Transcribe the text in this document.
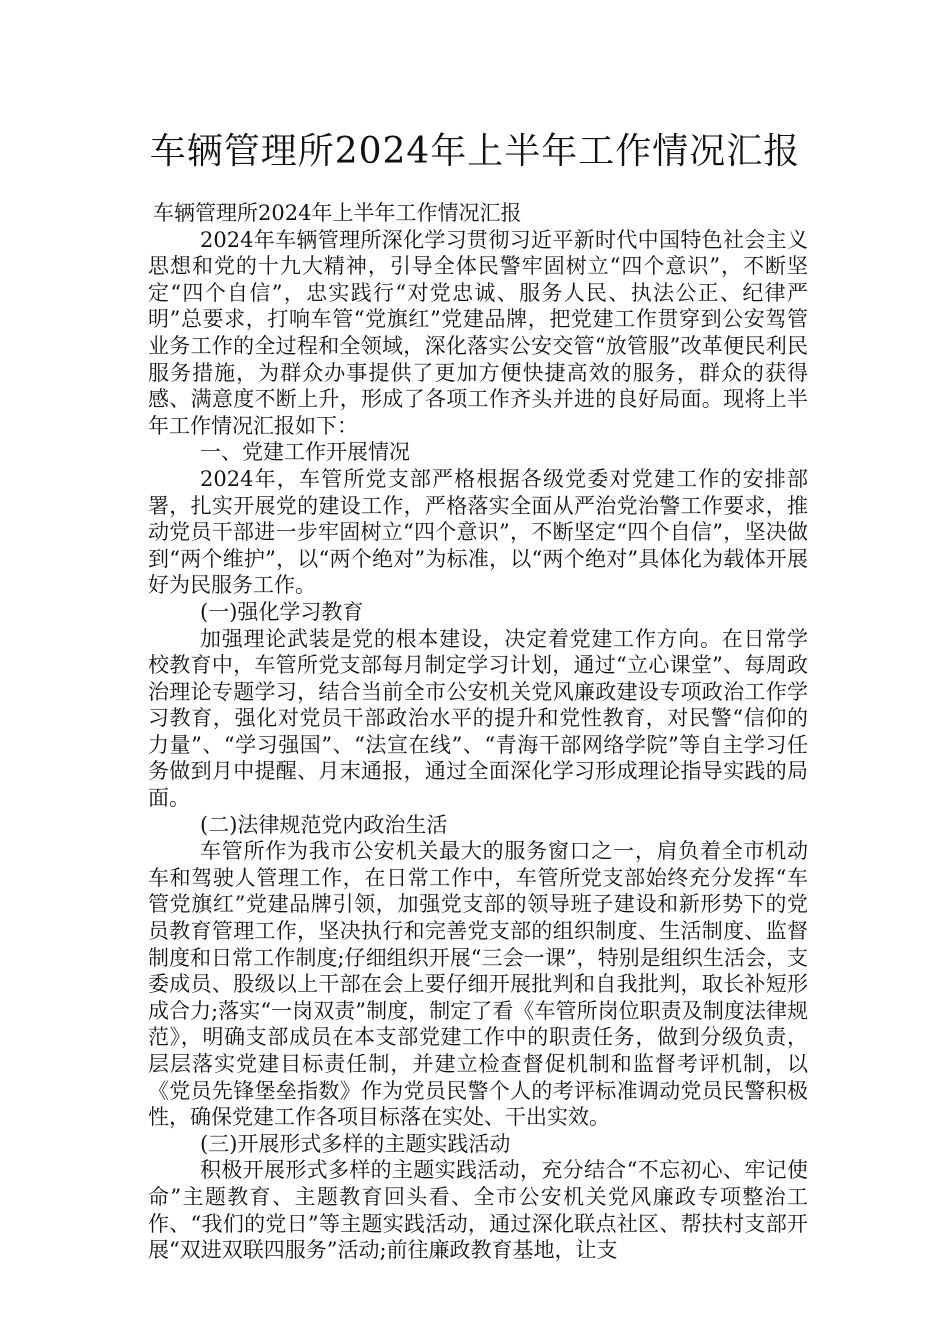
车辆管理所2024年上半年工作情况汇报

车辆管理所2024年上半年工作情况汇报

2024年车辆管理所深化学习贯彻习近平新时代中国特色社会主义思想和党的十九大精神，引导全体民警牢固树立“四个意识”，不断坚定“四个自信”，忠实践行“对党忠诚、服务人民、执法公正、纪律严明”总要求，打响车管“党旗红”党建品牌，把党建工作贯穿到公安驾管业务工作的全过程和全领域，深化落实公安交管“放管服”改革便民利民服务措施，为群众办事提供了更加方便快捷高效的服务，群众的获得感、满意度不断上升，形成了各项工作齐头并进的良好局面。现将上半年工作情况汇报如下：

一、党建工作开展情况

2024年，车管所党支部严格根据各级党委对党建工作的安排部署，扎实开展党的建设工作，严格落实全面从严治党治警工作要求，推动党员干部进一步牢固树立“四个意识”，不断坚定“四个自信”，坚决做到“两个维护”，以“两个绝对”为标准，以“两个绝对”具体化为载体开展好为民服务工作。

(一)强化学习教育

加强理论武装是党的根本建设，决定着党建工作方向。在日常学校教育中，车管所党支部每月制定学习计划，通过“立心课堂”、每周政治理论专题学习，结合当前全市公安机关党风廉政建设专项政治工作学习教育，强化对党员干部政治水平的提升和党性教育，对民警“信仰的力量”、“学习强国”、“法宣在线”、“青海干部网络学院”等自主学习任务做到月中提醒、月末通报，通过全面深化学习形成理论指导实践的局面。

(二)法律规范党内政治生活

车管所作为我市公安机关最大的服务窗口之一，肩负着全市机动车和驾驶人管理工作，在日常工作中，车管所党支部始终充分发挥“车管党旗红”党建品牌引领，加强党支部的领导班子建设和新形势下的党员教育管理工作，坚决执行和完善党支部的组织制度、生活制度、监督制度和日常工作制度;仔细组织开展“三会一课”，特别是组织生活会，支委成员、股级以上干部在会上要仔细开展批判和自我批判，取长补短形成合力;落实“一岗双责”制度，制定了看《车管所岗位职责及制度法律规范》，明确支部成员在本支部党建工作中的职责任务，做到分级负责，层层落实党建目标责任制，并建立检查督促机制和监督考评机制，以《党员先锋堡垒指数》作为党员民警个人的考评标准调动党员民警积极性，确保党建工作各项目标落在实处、干出实效。

(三)开展形式多样的主题实践活动

积极开展形式多样的主题实践活动，充分结合“不忘初心、牢记使命”主题教育、主题教育回头看、全市公安机关党风廉政专项整治工作、“我们的党日”等主题实践活动，通过深化联点社区、帮扶村支部开展“双进双联四服务”活动;前往廉政教育基地，让支
